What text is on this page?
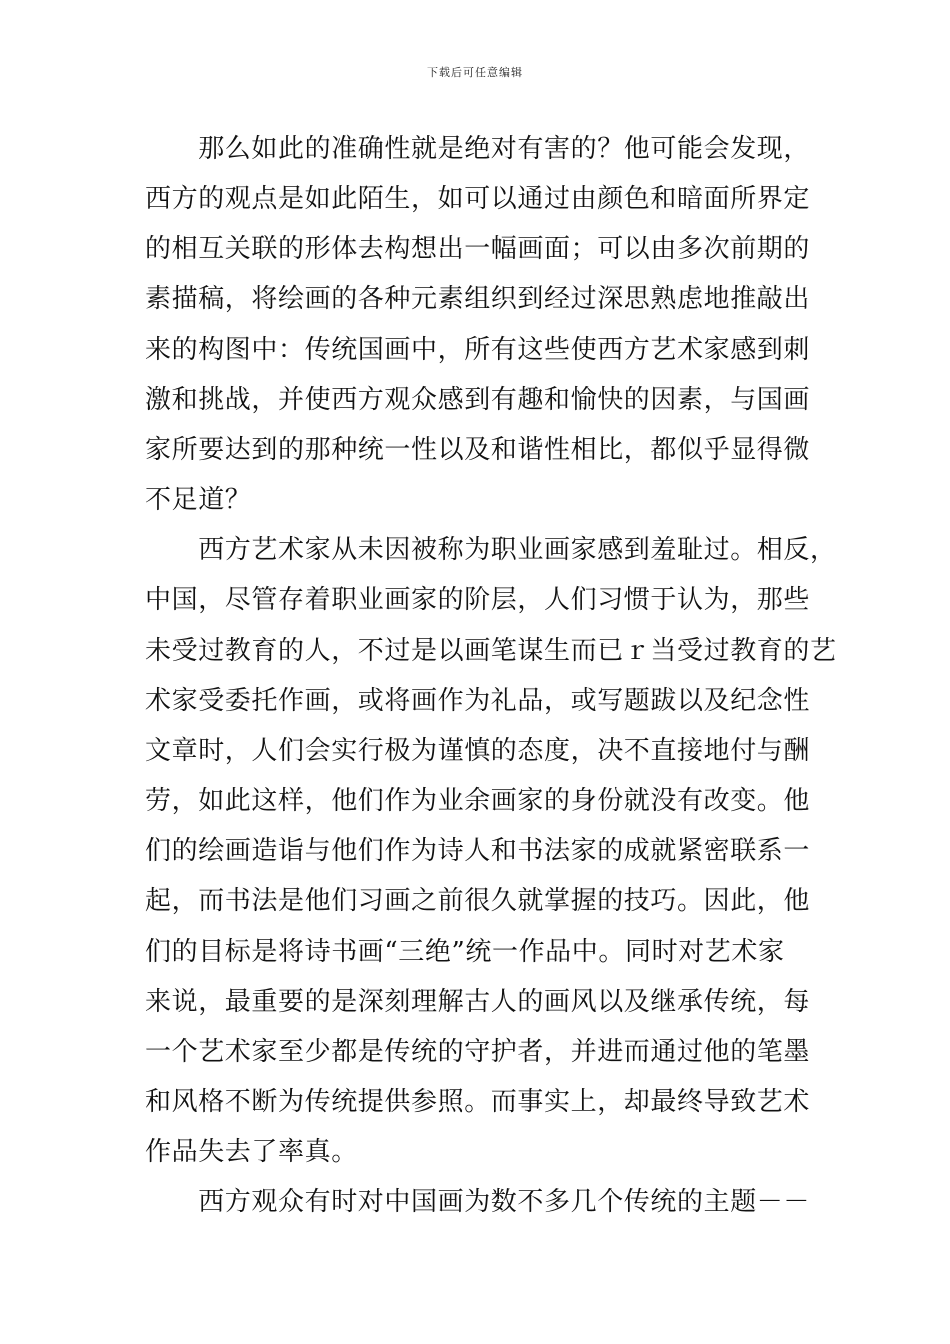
下载后可任意编辑
　　那么如此的准确性就是绝对有害的？他可能会发现，
西方的观点是如此陌生，如可以通过由颜色和暗面所界定
的相互关联的形体去构想出一幅画面；可以由多次前期的
素描稿，将绘画的各种元素组织到经过深思熟虑地推敲出
来的构图中：传统国画中，所有这些使西方艺术家感到刺
激和挑战，并使西方观众感到有趣和愉快的因素，与国画
家所要达到的那种统一性以及和谐性相比，都似乎显得微
不足道？
　　西方艺术家从未因被称为职业画家感到羞耻过。相反，
中国，尽管存着职业画家的阶层，人们习惯于认为，那些
未受过教育的人，不过是以画笔谋生而已ｒ当受过教育的艺
术家受委托作画，或将画作为礼品，或写题跋以及纪念性
文章时，人们会实行极为谨慎的态度，决不直接地付与酬
劳，如此这样，他们作为业余画家的身份就没有改变。他
们的绘画造诣与他们作为诗人和书法家的成就紧密联系一
起，而书法是他们习画之前很久就掌握的技巧。因此，他
们的目标是将诗书画“三绝”统一作品中。同时对艺术家
来说，最重要的是深刻理解古人的画风以及继承传统，每
一个艺术家至少都是传统的守护者，并进而通过他的笔墨
和风格不断为传统提供参照。而事实上，却最终导致艺术
作品失去了率真。
　　西方观众有时对中国画为数不多几个传统的主题－－
